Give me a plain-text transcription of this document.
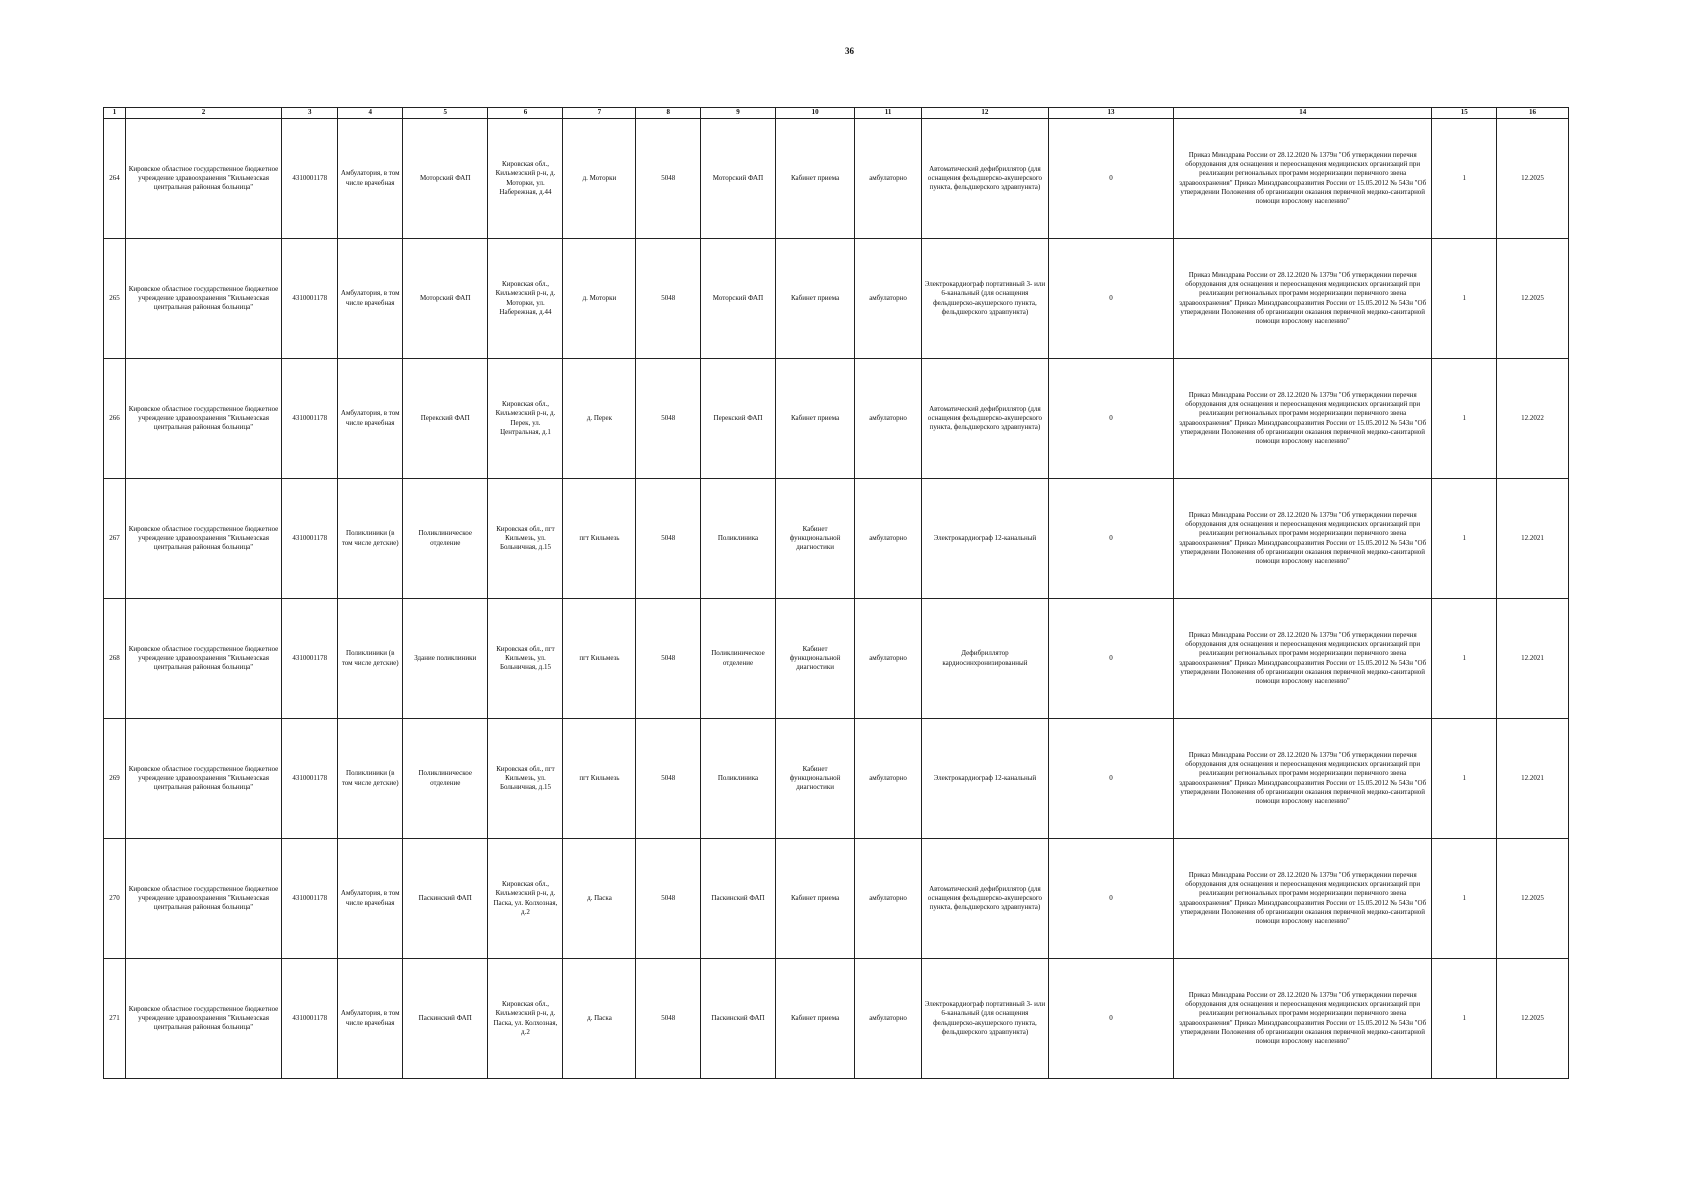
36
1	2	3	4	5	6	7	8	9	10	11	12	13	14	15	16
264	Кировское областное государственное бюджетное учреждение здравоохранения "Кильмезская центральная районная больница"	4310001178	Амбулатория, в том числе врачебная	Моторский ФАП	Кировская обл., Кильмезский р-н, д. Моторки, ул. Набережная, д.44	д. Моторки	5048	Моторский ФАП	Кабинет приема	амбулаторно	Автоматический дефибриллятор (для оснащения фельдшерско-акушерского пункта, фельдшерского здравпункта)	0	Приказ Минздрава России от 28.12.2020 № 1379н "Об утверждении перечня оборудования для оснащения и переоснащения медицинских организаций при реализации региональных программ модернизации первичного звена здравоохранения" Приказ Минздравсоцразвития России от 15.05.2012 № 543н "Об утверждении Положения об организации оказания первичной медико-санитарной помощи взрослому населению"	1	12.2025
265	Кировское областное государственное бюджетное учреждение здравоохранения "Кильмезская центральная районная больница"	4310001178	Амбулатория, в том числе врачебная	Моторский ФАП	Кировская обл., Кильмезский р-н, д. Моторки, ул. Набережная, д.44	д. Моторки	5048	Моторский ФАП	Кабинет приема	амбулаторно	Электрокардиограф портативный 3- или 6-канальный (для оснащения фельдшерско-акушерского пункта, фельдшерского здравпункта)	0	Приказ Минздрава России от 28.12.2020 № 1379н "Об утверждении перечня оборудования для оснащения и переоснащения медицинских организаций при реализации региональных программ модернизации первичного звена здравоохранения" Приказ Минздравсоцразвития России от 15.05.2012 № 543н "Об утверждении Положения об организации оказания первичной медико-санитарной помощи взрослому населению"	1	12.2025
266	Кировское областное государственное бюджетное учреждение здравоохранения "Кильмезская центральная районная больница"	4310001178	Амбулатория, в том числе врачебная	Перекский ФАП	Кировская обл., Кильмезский р-н, д. Перек, ул. Центральная, д.1	д. Перек	5048	Перекский ФАП	Кабинет приема	амбулаторно	Автоматический дефибриллятор (для оснащения фельдшерско-акушерского пункта, фельдшерского здравпункта)	0	Приказ Минздрава России от 28.12.2020 № 1379н "Об утверждении перечня оборудования для оснащения и переоснащения медицинских организаций при реализации региональных программ модернизации первичного звена здравоохранения" Приказ Минздравсоцразвития России от 15.05.2012 № 543н "Об утверждении Положения об организации оказания первичной медико-санитарной помощи взрослому населению"	1	12.2022
267	Кировское областное государственное бюджетное учреждение здравоохранения "Кильмезская центральная районная больница"	4310001178	Поликлиники (в том числе детские)	Поликлиническое отделение	Кировская обл., пгт Кильмезь, ул. Больничная, д.15	пгт Кильмезь	5048	Поликлиника	Кабинет функциональной диагностики	амбулаторно	Электрокардиограф 12-канальный	0	Приказ Минздрава России от 28.12.2020 № 1379н "Об утверждении перечня оборудования для оснащения и переоснащения медицинских организаций при реализации региональных программ модернизации первичного звена здравоохранения" Приказ Минздравсоцразвития России от 15.05.2012 № 543н "Об утверждении Положения об организации оказания первичной медико-санитарной помощи взрослому населению"	1	12.2021
268	Кировское областное государственное бюджетное учреждение здравоохранения "Кильмезская центральная районная больница"	4310001178	Поликлиники (в том числе детские)	Здание поликлиники	Кировская обл., пгт Кильмезь, ул. Больничная, д.15	пгт Кильмезь	5048	Поликлиническое отделение	Кабинет функциональной диагностики	амбулаторно	Дефибриллятор кардиосинхронизированный	0	Приказ Минздрава России от 28.12.2020 № 1379н "Об утверждении перечня оборудования для оснащения и переоснащения медицинских организаций при реализации региональных программ модернизации первичного звена здравоохранения" Приказ Минздравсоцразвития России от 15.05.2012 № 543н "Об утверждении Положения об организации оказания первичной медико-санитарной помощи взрослому населению"	1	12.2021
269	Кировское областное государственное бюджетное учреждение здравоохранения "Кильмезская центральная районная больница"	4310001178	Поликлиники (в том числе детские)	Поликлиническое отделение	Кировская обл., пгт Кильмезь, ул. Больничная, д.15	пгт Кильмезь	5048	Поликлиника	Кабинет функциональной диагностики	амбулаторно	Электрокардиограф 12-канальный	0	Приказ Минздрава России от 28.12.2020 № 1379н "Об утверждении перечня оборудования для оснащения и переоснащения медицинских организаций при реализации региональных программ модернизации первичного звена здравоохранения" Приказ Минздравсоцразвития России от 15.05.2012 № 543н "Об утверждении Положения об организации оказания первичной медико-санитарной помощи взрослому населению"	1	12.2021
270	Кировское областное государственное бюджетное учреждение здравоохранения "Кильмезская центральная районная больница"	4310001178	Амбулатория, в том числе врачебная	Паскинский ФАП	Кировская обл., Кильмезский р-н, д. Паска, ул. Колхозная, д.2	д. Паска	5048	Паскинский ФАП	Кабинет приема	амбулаторно	Автоматический дефибриллятор (для оснащения фельдшерско-акушерского пункта, фельдшерского здравпункта)	0	Приказ Минздрава России от 28.12.2020 № 1379н "Об утверждении перечня оборудования для оснащения и переоснащения медицинских организаций при реализации региональных программ модернизации первичного звена здравоохранения" Приказ Минздравсоцразвития России от 15.05.2012 № 543н "Об утверждении Положения об организации оказания первичной медико-санитарной помощи взрослому населению"	1	12.2025
271	Кировское областное государственное бюджетное учреждение здравоохранения "Кильмезская центральная районная больница"	4310001178	Амбулатория, в том числе врачебная	Паскинский ФАП	Кировская обл., Кильмезский р-н, д. Паска, ул. Колхозная, д.2	д. Паска	5048	Паскинский ФАП	Кабинет приема	амбулаторно	Электрокардиограф портативный 3- или 6-канальный (для оснащения фельдшерско-акушерского пункта, фельдшерского здравпункта)	0	Приказ Минздрава России от 28.12.2020 № 1379н "Об утверждении перечня оборудования для оснащения и переоснащения медицинских организаций при реализации региональных программ модернизации первичного звена здравоохранения" Приказ Минздравсоцразвития России от 15.05.2012 № 543н "Об утверждении Положения об организации оказания первичной медико-санитарной помощи взрослому населению"	1	12.2025
